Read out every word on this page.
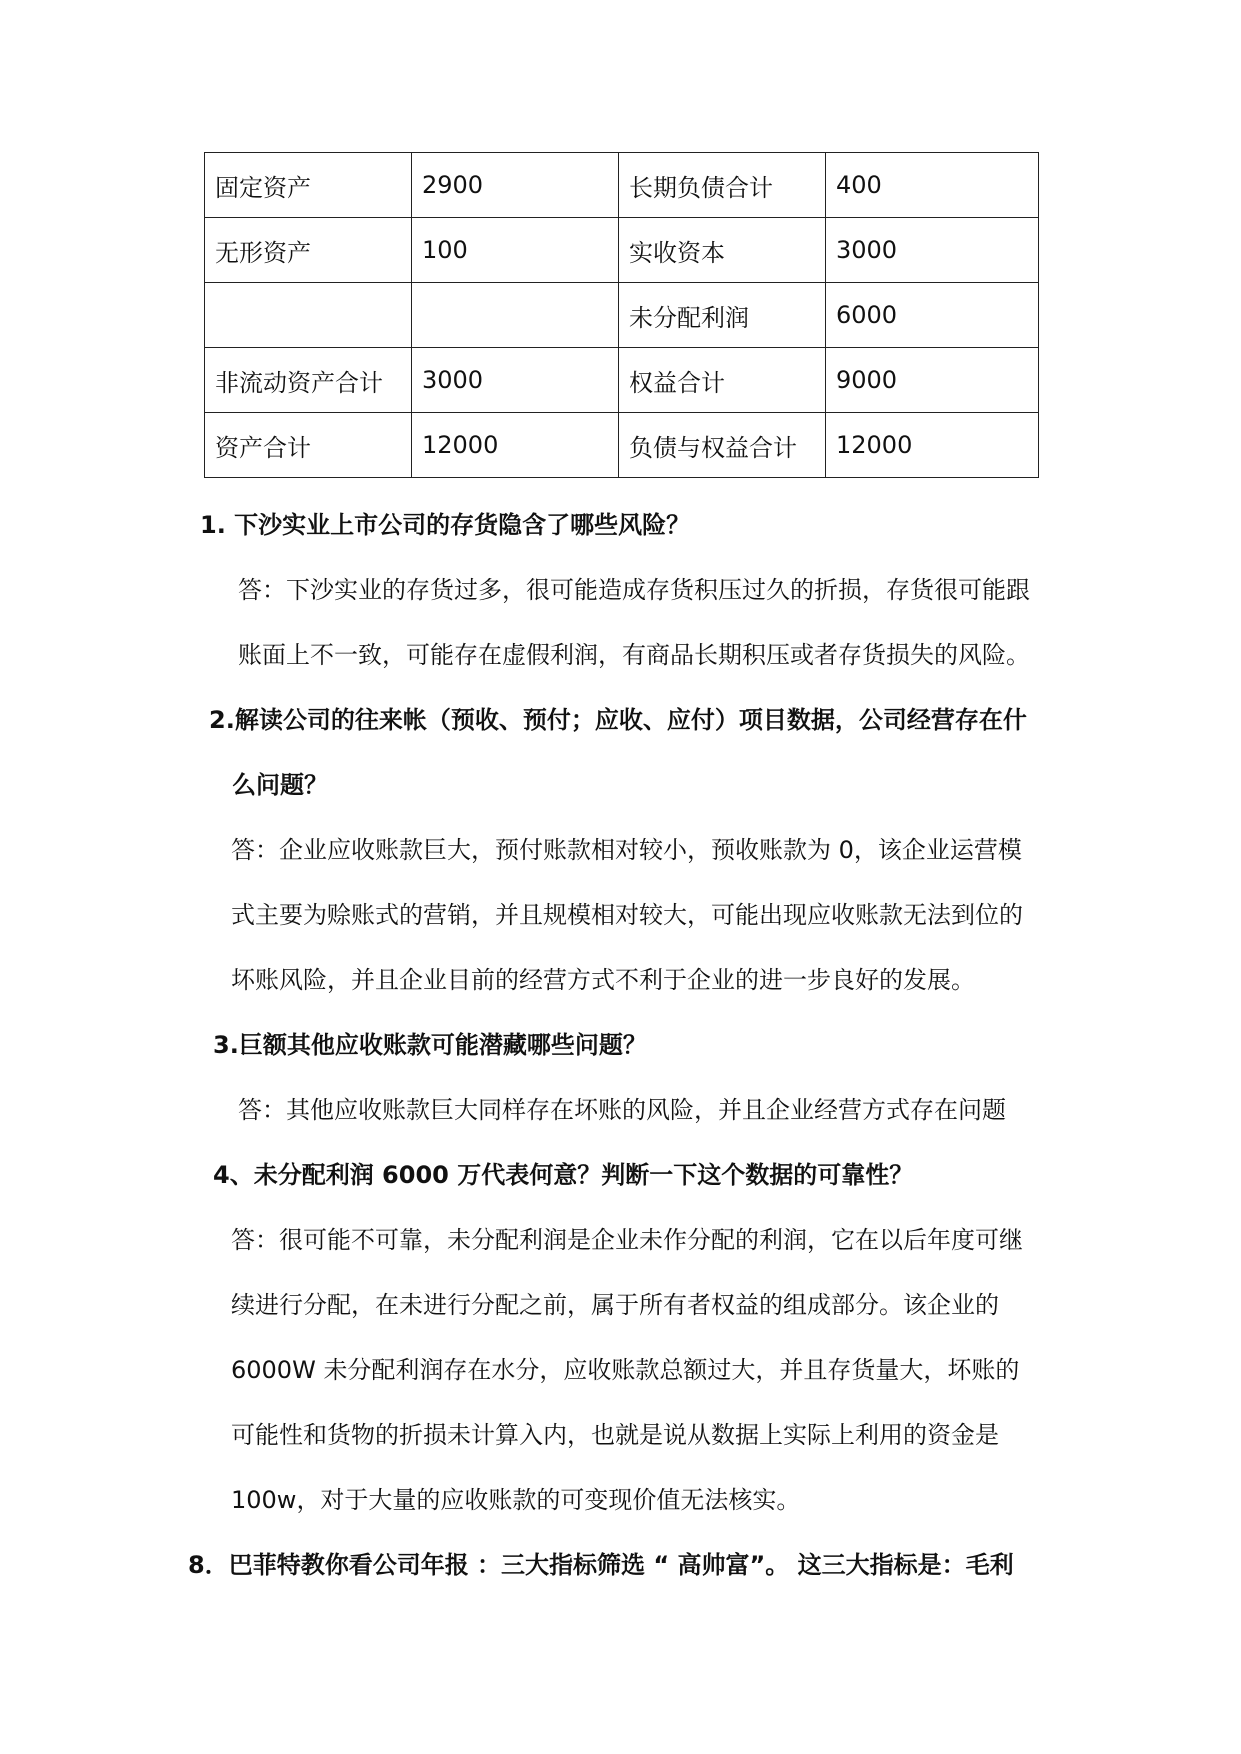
固定资产	2900	长期负债合计	400
无形资产	100	实收资本	3000
		未分配利润	6000
非流动资产合计	3000	权益合计	9000
资产合计	12000	负债与权益合计	12000
1. 下沙实业上市公司的存货隐含了哪些风险？
答：下沙实业的存货过多，很可能造成存货积压过久的折损，存货很可能跟
账面上不一致，可能存在虚假利润，有商品长期积压或者存货损失的风险。
2.解读公司的往来帐（预收、预付；应收、应付）项目数据，公司经营存在什
么问题？
答：企业应收账款巨大，预付账款相对较小，预收账款为 0，该企业运营模
式主要为赊账式的营销，并且规模相对较大，可能出现应收账款无法到位的
坏账风险，并且企业目前的经营方式不利于企业的进一步良好的发展。
3.巨额其他应收账款可能潜藏哪些问题？
答：其他应收账款巨大同样存在坏账的风险，并且企业经营方式存在问题
4、未分配利润 6000 万代表何意？判断一下这个数据的可靠性？
答：很可能不可靠，未分配利润是企业未作分配的利润，它在以后年度可继
续进行分配，在未进行分配之前，属于所有者权益的组成部分。该企业的
6000W 未分配利润存在水分，应收账款总额过大，并且存货量大，坏账的
可能性和货物的折损未计算入内，也就是说从数据上实际上利用的资金是
100w，对于大量的应收账款的可变现价值无法核实。
8．巴菲特教你看公司年报 ：三大指标筛选 “ 高帅富”。 这三大指标是：毛利
